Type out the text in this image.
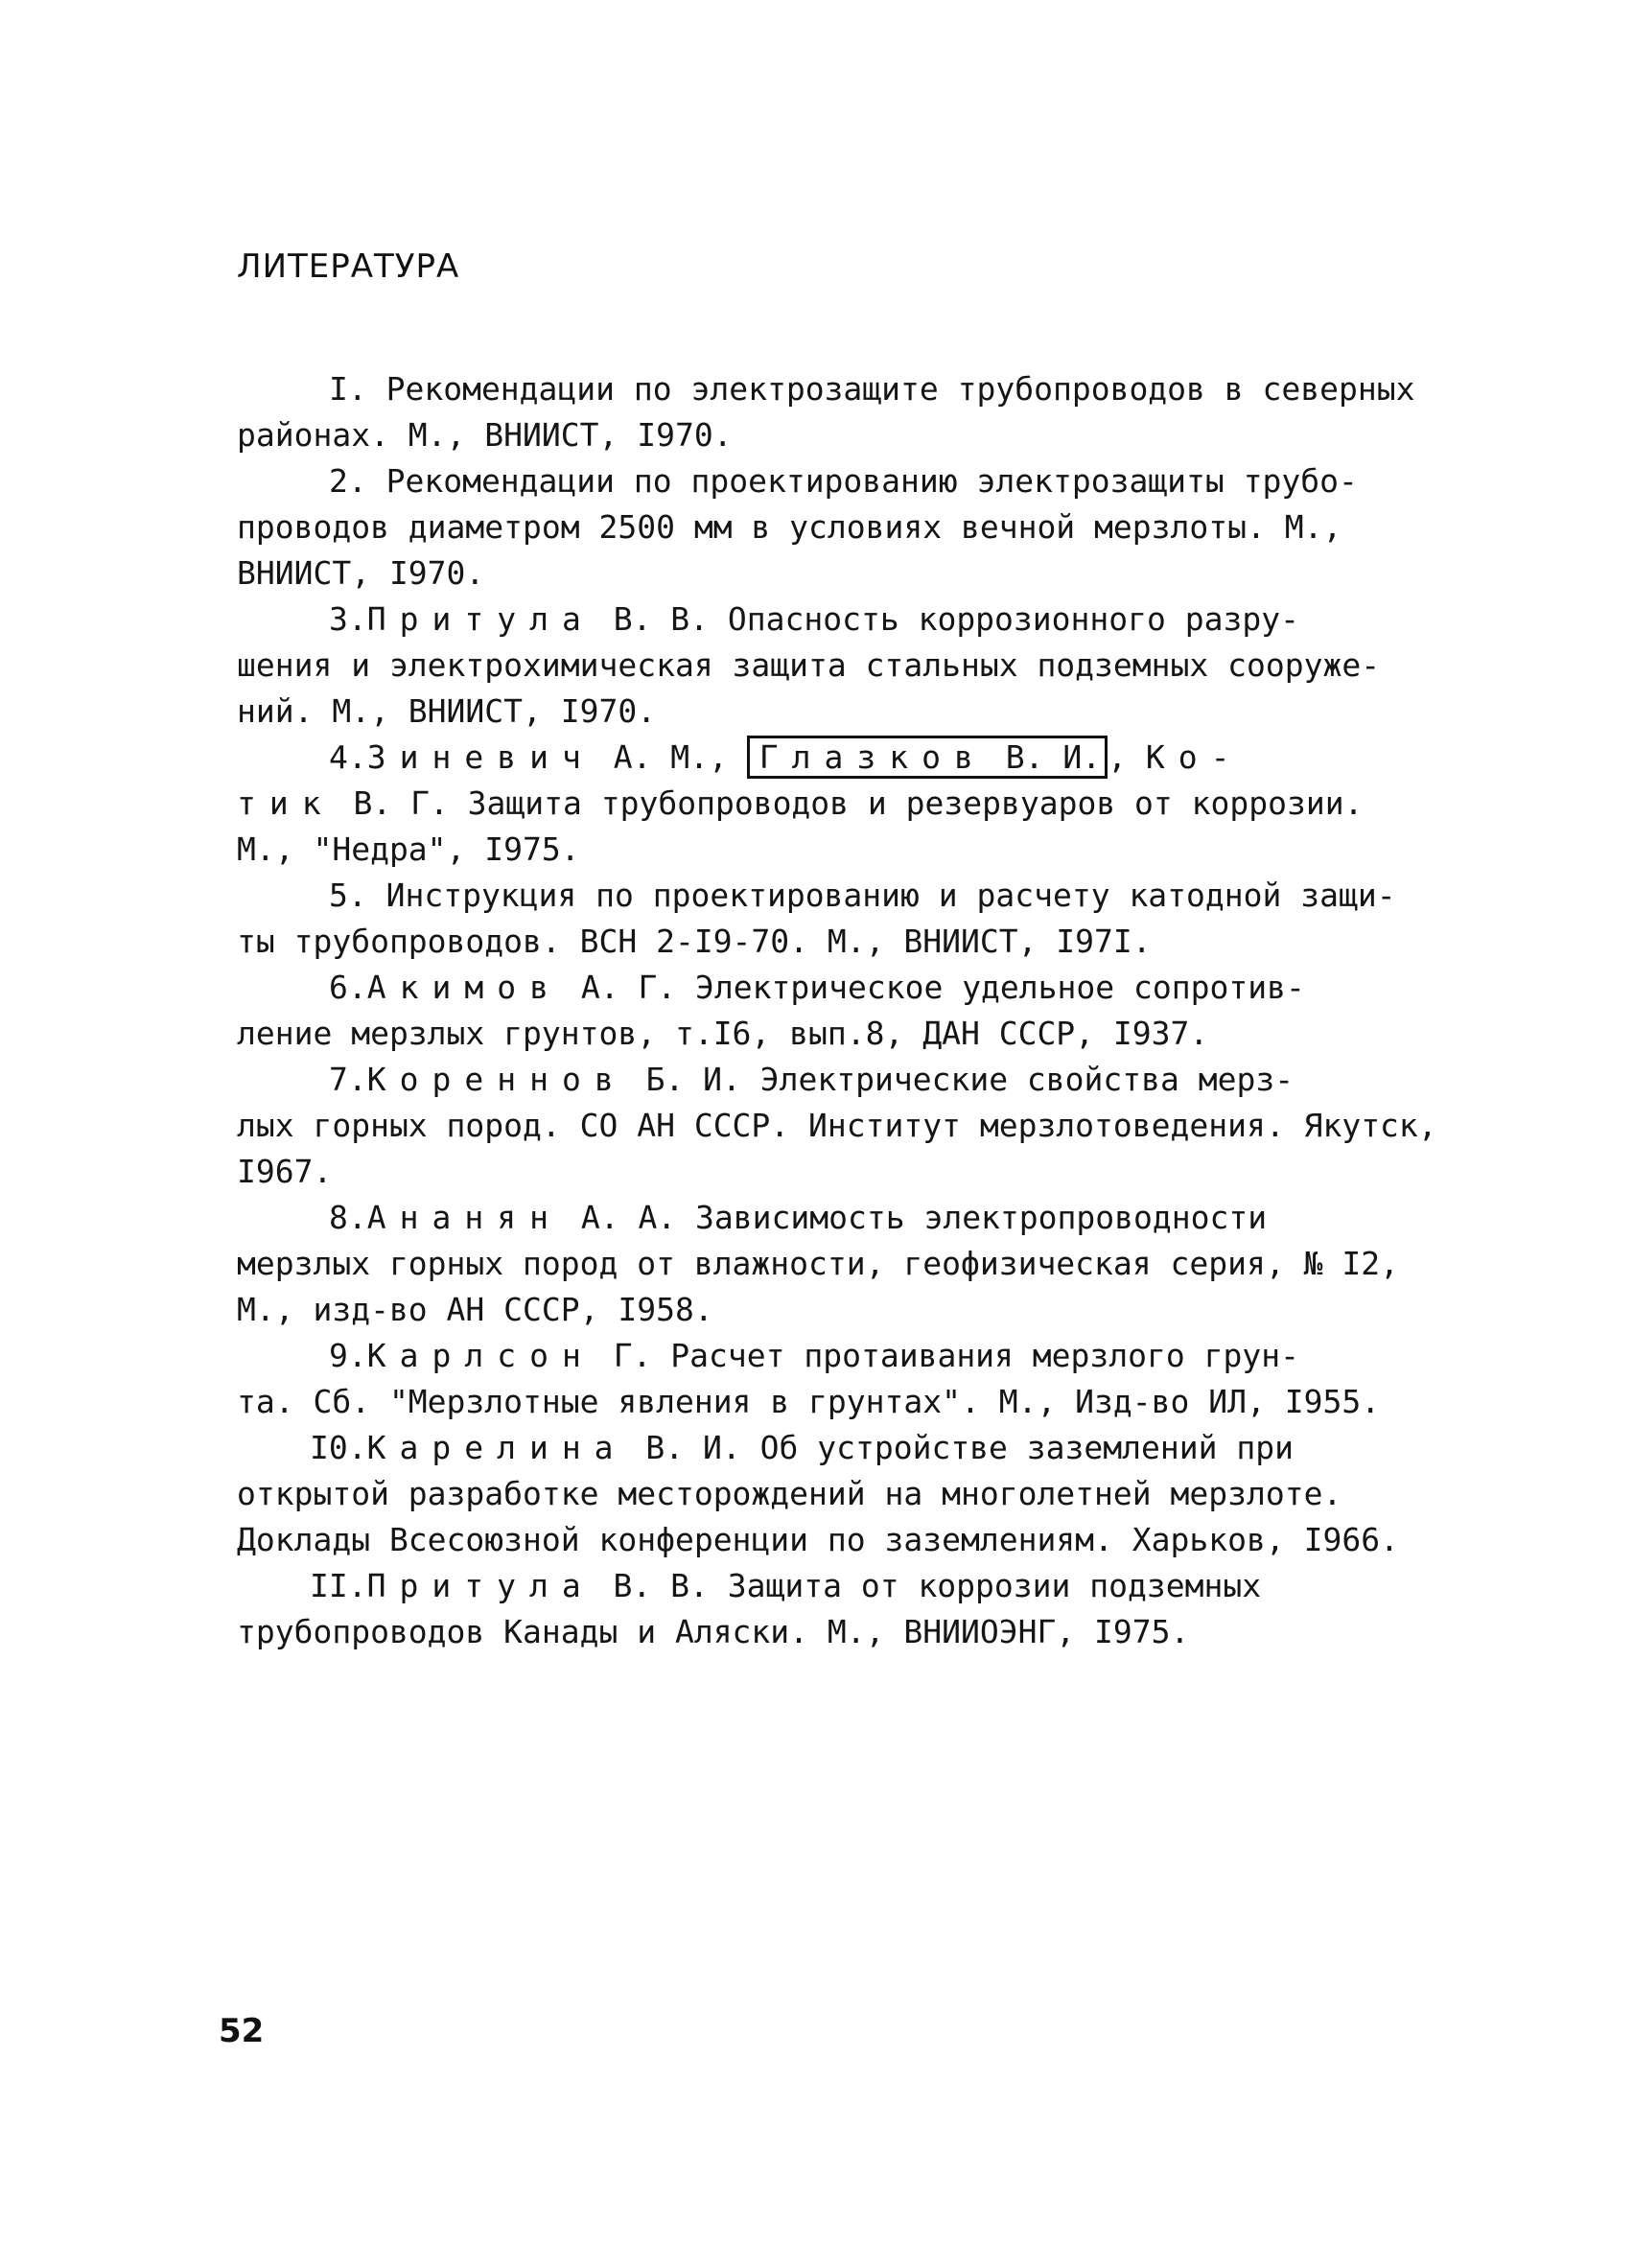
ЛИТЕРАТУРА
I. Рекомендации по электрозащите трубопроводов в северных
районах. М., ВНИИСТ, I970.
2. Рекомендации по проектированию электрозащиты трубо-
проводов диаметром 2500 мм в условиях вечной мерзлоты. М.,
ВНИИСТ, I970.
3.Притула В. В. Опасность коррозионного разру-
шения и электрохимическая защита стальных подземных сооруже-
ний. М., ВНИИСТ, I970.
4.Зиневич А. М., Глазков В. И. , Ко-
тик В. Г. Защита трубопроводов и резервуаров от коррозии.
М., "Недра", I975.
5. Инструкция по проектированию и расчету катодной защи-
ты трубопроводов. ВСН 2-I9-70. М., ВНИИСТ, I97I.
6.Акимов А. Г. Электрическое удельное сопротив-
ление мерзлых грунтов, т.I6, вып.8, ДАН СССР, I937.
7.Кореннов Б. И. Электрические свойства мерз-
лых горных пород. СО АН СССР. Институт мерзлотоведения. Якутск,
I967.
8.Ананян А. А. Зависимость электропроводности
мерзлых горных пород от влажности, геофизическая серия, № I2,
М., изд-во АН СССР, I958.
9.Карлсон Г. Расчет протаивания мерзлого грун-
та. Сб. "Мерзлотные явления в грунтах". М., Изд-во ИЛ, I955.
I0.Карелина В. И. Об устройстве заземлений при
открытой разработке месторождений на многолетней мерзлоте.
Доклады Всесоюзной конференции по заземлениям. Харьков, I966.
II.Притула В. В. Защита от коррозии подземных
трубопроводов Канады и Аляски. М., ВНИИОЭНГ, I975.
52
